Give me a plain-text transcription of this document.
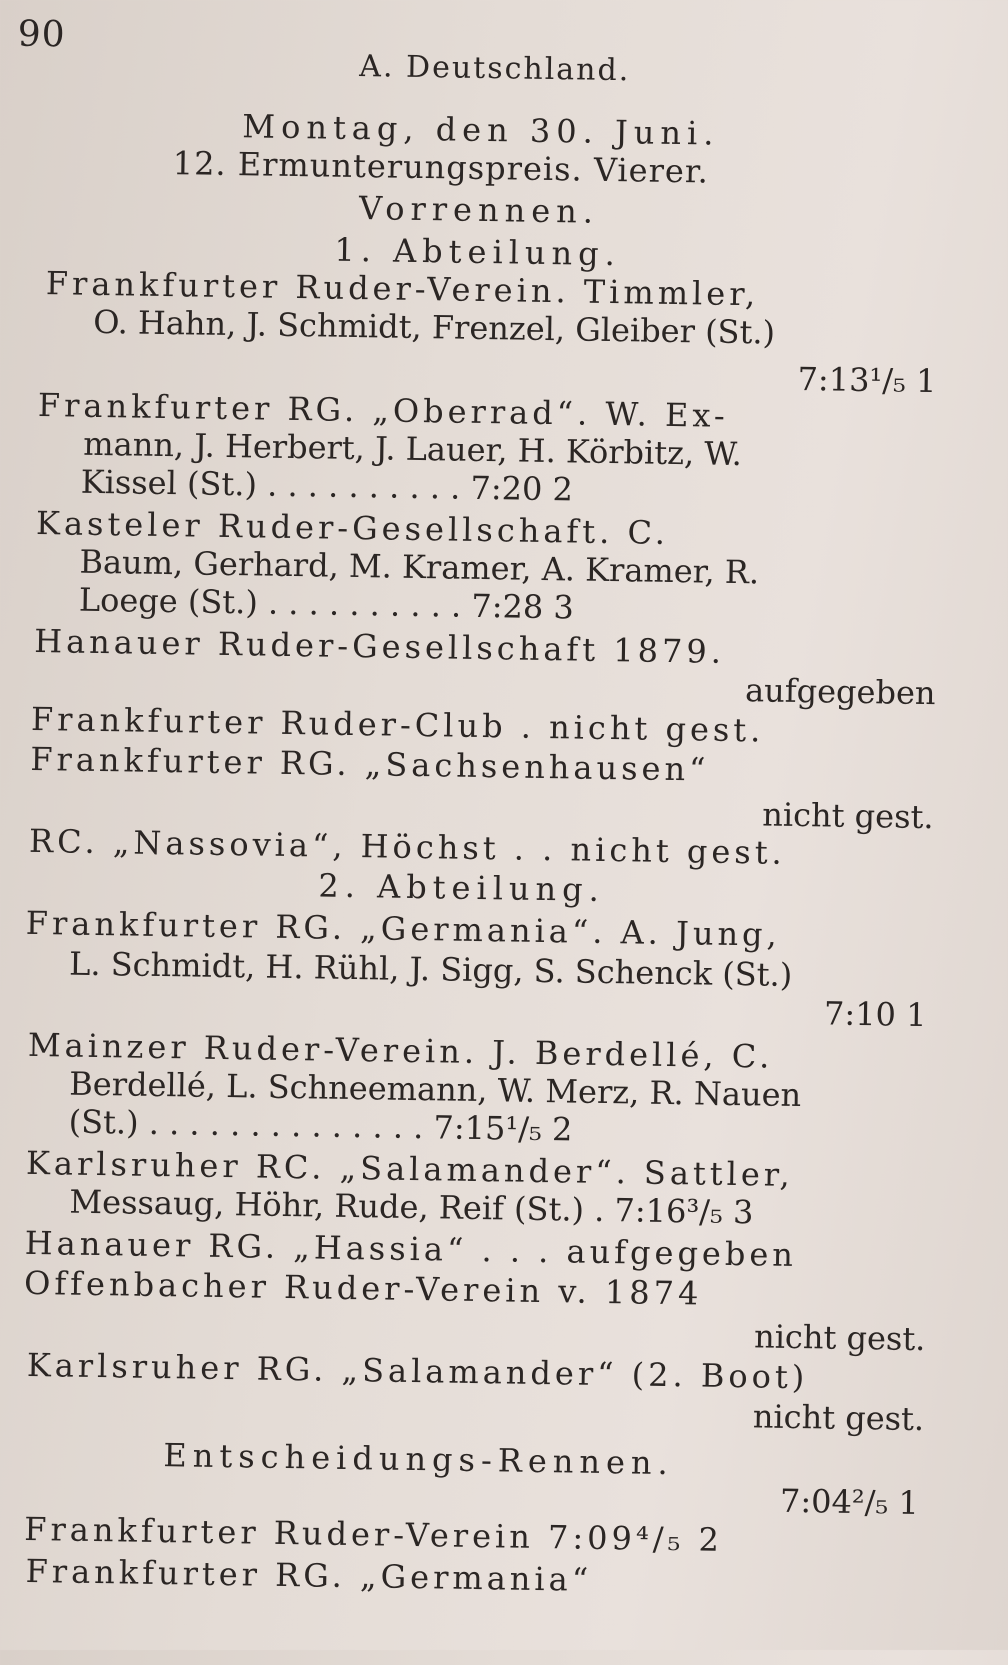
90
A. Deutschland.
Montag, den 30. Juni.
12. Ermunterungspreis. Vierer.
Vorrennen.
1. Abteilung.
Frankfurter Ruder-Verein. Timmler,
O. Hahn, J. Schmidt, Frenzel, Gleiber (St.)
7:13¹/₅ 1
Frankfurter RG. „Oberrad“. W. Ex-
mann, J. Herbert, J. Lauer, H. Körbitz, W.
Kissel (St.) . . . . . . . . . . 7:20 2
Kasteler Ruder-Gesellschaft. C.
Baum, Gerhard, M. Kramer, A. Kramer, R.
Loege (St.) . . . . . . . . . . 7:28 3
Hanauer Ruder-Gesellschaft 1879.
aufgegeben
Frankfurter Ruder-Club . nicht gest.
Frankfurter RG. „Sachsenhausen“
nicht gest.
RC. „Nassovia“, Höchst . . nicht gest.
2. Abteilung.
Frankfurter RG. „Germania“. A. Jung,
L. Schmidt, H. Rühl, J. Sigg, S. Schenck (St.)
7:10 1
Mainzer Ruder-Verein. J. Berdellé, C.
Berdellé, L. Schneemann, W. Merz, R. Nauen
(St.) . . . . . . . . . . . . . . 7:15¹/₅ 2
Karlsruher RC. „Salamander“. Sattler,
Messaug, Höhr, Rude, Reif (St.) . 7:16³/₅ 3
Hanauer RG. „Hassia“ . . . aufgegeben
Offenbacher Ruder-Verein v. 1874
nicht gest.
Karlsruher RG. „Salamander“ (2. Boot)
nicht gest.
Entscheidungs-Rennen.
7:04²/₅ 1
Frankfurter Ruder-Verein 7:09⁴/₅ 2
Frankfurter RG. „Germania“
